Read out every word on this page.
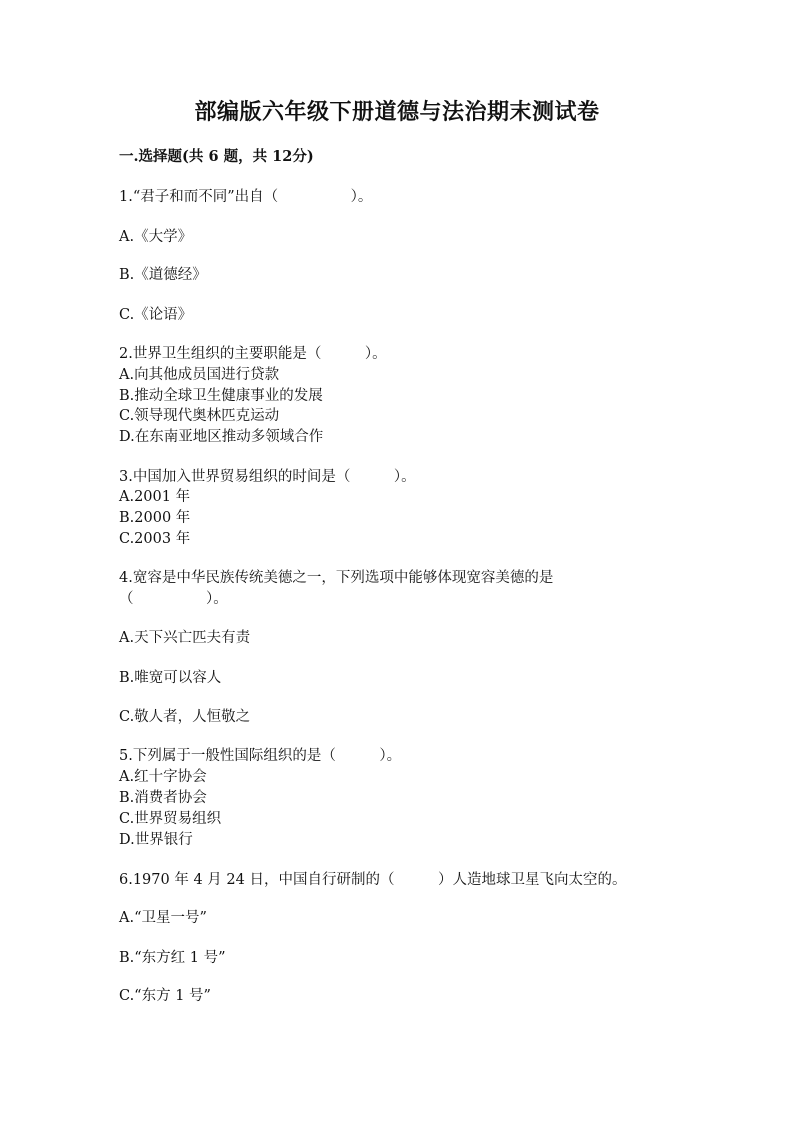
部编版六年级下册道德与法治期末测试卷
一.选择题(共 6 题，共 12分)
1.“君子和而不同”出自（　　　　　）。
A.《大学》
B.《道德经》
C.《论语》
2.世界卫生组织的主要职能是（　　　）。
A.向其他成员国进行贷款
B.推动全球卫生健康事业的发展
C.领导现代奥林匹克运动
D.在东南亚地区推动多领域合作
3.中国加入世界贸易组织的时间是（　　　）。
A.2001 年
B.2000 年
C.2003 年
4.宽容是中华民族传统美德之一，下列选项中能够体现宽容美德的是
（　　　　　）。
A.天下兴亡匹夫有责
B.唯宽可以容人
C.敬人者，人恒敬之
5.下列属于一般性国际组织的是（　　　）。
A.红十字协会
B.消费者协会
C.世界贸易组织
D.世界银行
6.1970 年 4 月 24 日，中国自行研制的（　　　）人造地球卫星飞向太空的。
A.“卫星一号”
B.“东方红 1 号”
C.“东方 1 号”
